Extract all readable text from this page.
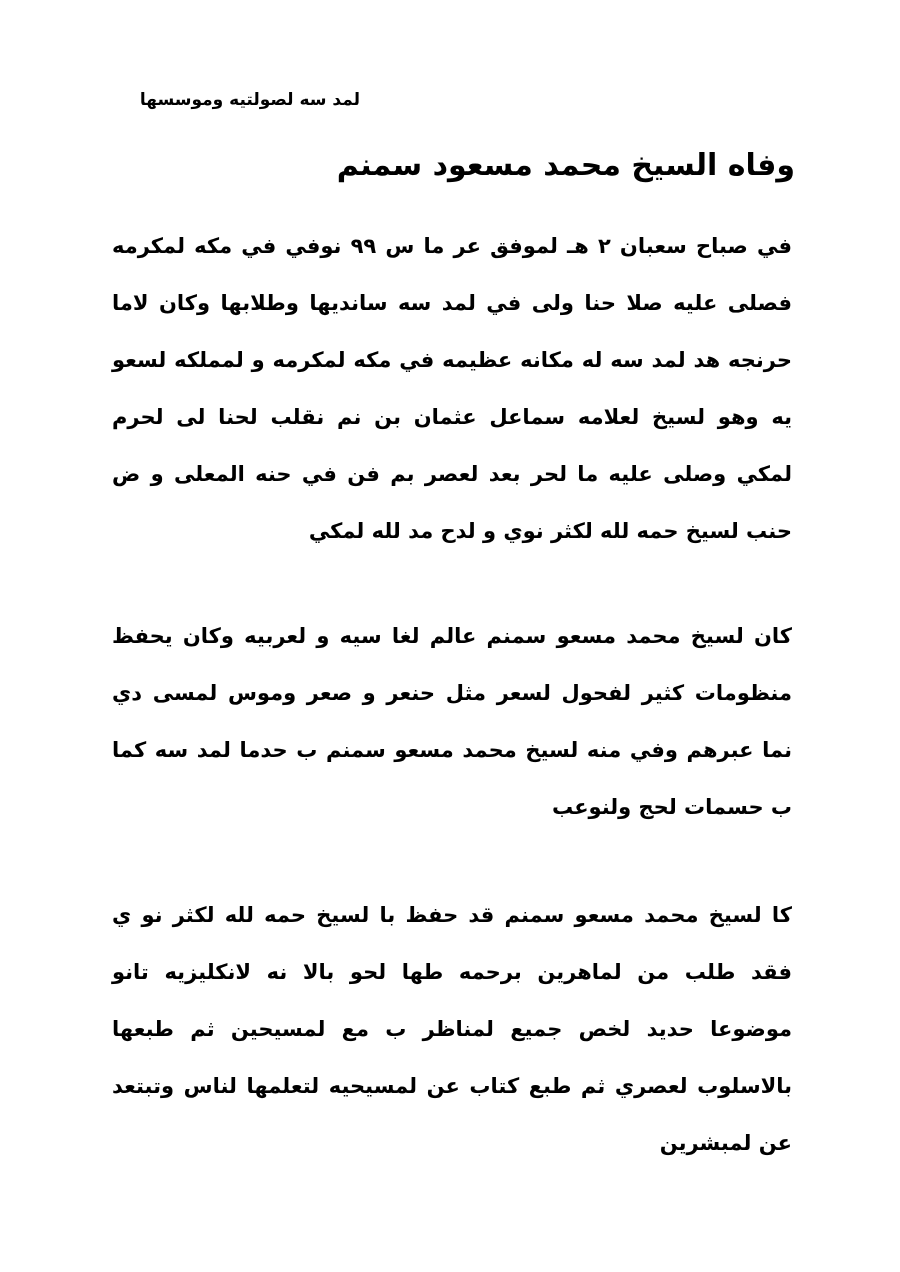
لمد سه لصولتيه وموسسها
وفاه السيخ محمد مسعود سمنم

في صباح سعبان ٢ هـ لموفق عر ما س ٩٩ نوفي في مكه لمكرمه فصلى عليه صلا حنا ولى في لمد سه سانديها وطلابها وكان لاما حرنجه هد لمد سه له مكانه عظيمه في مكه لمكرمه و لمملكه لسعو يه وهو لسيخ لعلامه سماعل عثمان بن نم نقلب لحنا لى لحرم لمكي وصلى عليه ما لحر بعد لعصر بم فن في حنه المعلى و ض حنب لسيخ حمه لله لكثر نوي و لدح مد لله لمكي

كان لسيخ محمد مسعو سمنم عالم لغا سيه و لعربيه وكان يحفظ منظومات كثير لفحول لسعر مثل حنعر و صعر وموس لمسى دي نما عبرهم وفي منه لسيخ محمد مسعو سمنم ب حدما لمد سه كما ب حسمات لحج ولنوعب

كا لسيخ محمد مسعو سمنم قد حفظ با لسيخ حمه لله لكثر نو ي فقد طلب من لماهرين برحمه طها لحو بالا نه لانكليزيه تانو موضوعا حديد لخص جميع لمناظر ب مع لمسيحين ثم طبعها بالاسلوب لعصري ثم طبع كتاب عن لمسيحيه لتعلمها لناس وتبتعد عن لمبشرين
